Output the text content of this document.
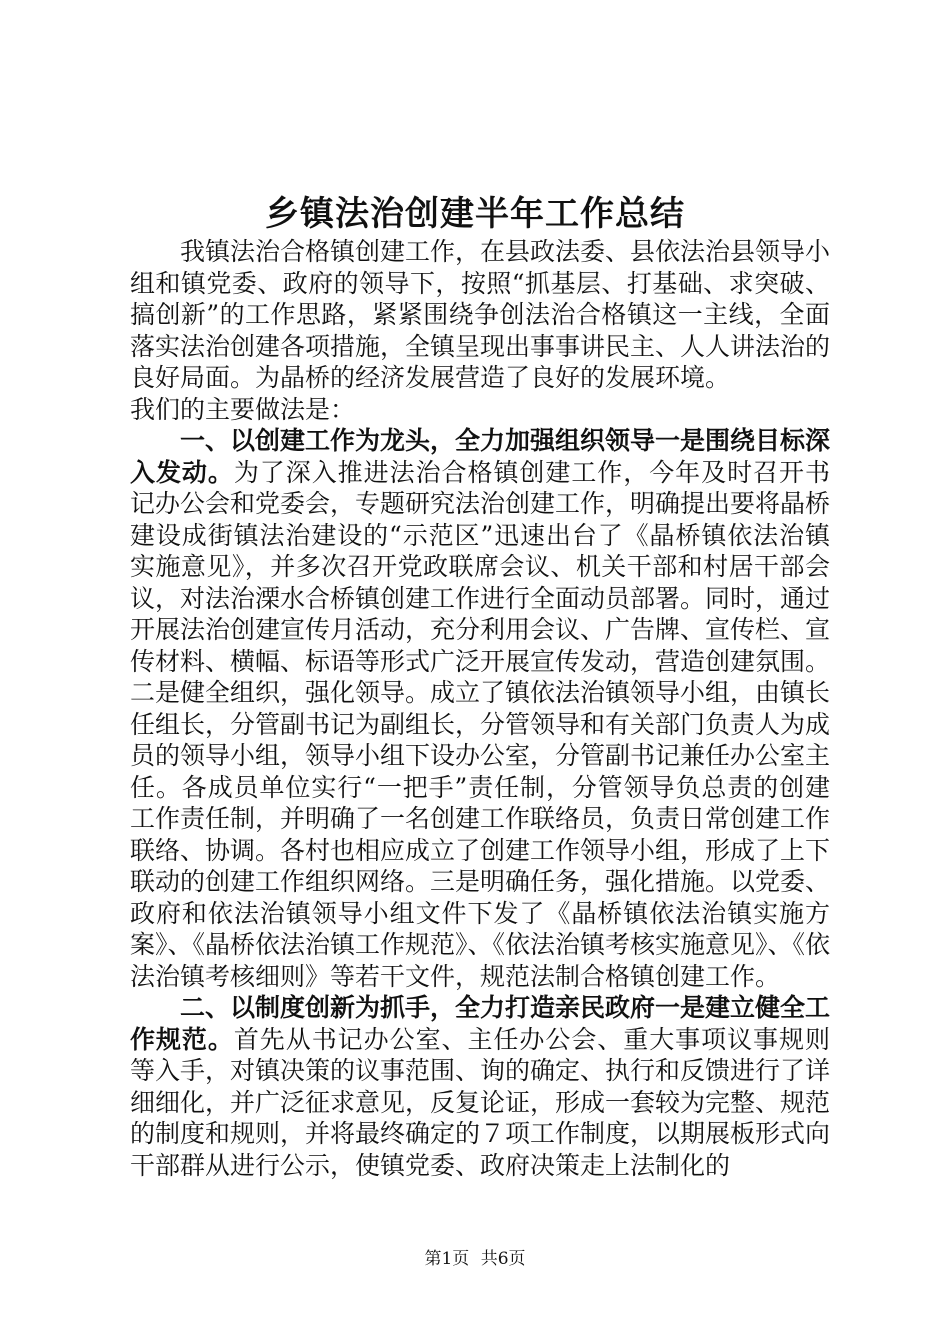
乡镇法治创建半年工作总结

我镇法治合格镇创建工作，在县政法委、县依法治县领导小组和镇党委、政府的领导下，按照“抓基层、打基础、求突破、搞创新”的工作思路，紧紧围绕争创法治合格镇这一主线，全面落实法治创建各项措施，全镇呈现出事事讲民主、人人讲法治的良好局面。为晶桥的经济发展营造了良好的发展环境。

我们的主要做法是：

一、以创建工作为龙头，全力加强组织领导一是围绕目标深入发动。为了深入推进法治合格镇创建工作，今年及时召开书记办公会和党委会，专题研究法治创建工作，明确提出要将晶桥建设成街镇法治建设的“示范区”迅速出台了《晶桥镇依法治镇实施意见》，并多次召开党政联席会议、机关干部和村居干部会议，对法治溧水合桥镇创建工作进行全面动员部署。同时，通过开展法治创建宣传月活动，充分利用会议、广告牌、宣传栏、宣传材料、横幅、标语等形式广泛开展宣传发动，营造创建氛围。二是健全组织，强化领导。成立了镇依法治镇领导小组，由镇长任组长，分管副书记为副组长，分管领导和有关部门负责人为成员的领导小组，领导小组下设办公室，分管副书记兼任办公室主任。各成员单位实行“一把手”责任制，分管领导负总责的创建工作责任制，并明确了一名创建工作联络员，负责日常创建工作联络、协调。各村也相应成立了创建工作领导小组，形成了上下联动的创建工作组织网络。三是明确任务，强化措施。以党委、政府和依法治镇领导小组文件下发了《晶桥镇依法治镇实施方案》、《晶桥依法治镇工作规范》、《依法治镇考核实施意见》、《依法治镇考核细则》等若干文件，规范法制合格镇创建工作。

二、以制度创新为抓手，全力打造亲民政府一是建立健全工作规范。首先从书记办公室、主任办公会、重大事项议事规则等入手，对镇决策的议事范围、询的确定、执行和反馈进行了详细细化，并广泛征求意见，反复论证，形成一套较为完整、规范的制度和规则，并将最终确定的７项工作制度，以期展板形式向干部群从进行公示，使镇党委、政府决策走上法制化的

第1页 共6页
